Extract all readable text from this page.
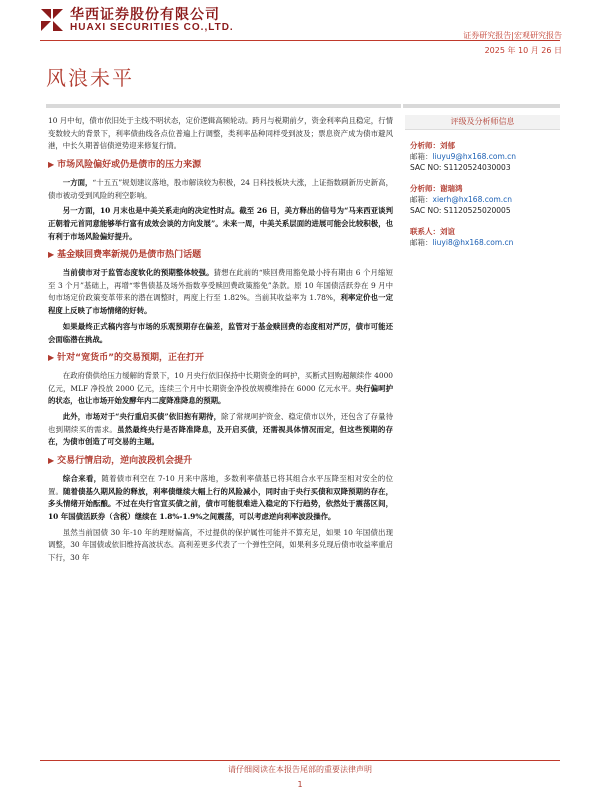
华西证券股份有限公司
HUAXI SECURITIES CO.,LTD.
证券研究报告|宏观研究报告
2025 年 10 月 26 日
风浪未平

10 月中旬，债市依旧处于主线不明状态，定价逻辑高频轮动。跨月与税期前夕，资金利率尚且稳定，行情变数较大的背景下，利率债曲线各点位普遍上行调整，类利率品种同样受到波及；票息资产成为债市避风港，中长久期普信债逆势迎来修复行情。

▶ 市场风险偏好或仍是债市的压力来源

一方面，“十五五”规划建议落地，股市解读较为积极，24 日科技板块大涨，上证指数刷新历史新高，债市被动受到风险的利空影响。

另一方面，10 月末也是中美关系走向的决定性时点。截至 26 日，美方释出的信号为“马来西亚谈判正朝着元首同意能够举行富有成效会谈的方向发展”。未来一周，中美关系层面的进展可能会比较积极，也有利于市场风险偏好提升。

▶ 基金赎回费率新规仍是债市热门话题

当前债市对于监管态度软化的预期整体较强。猜想在此前的“赎回费用豁免最小持有期由 6 个月缩短至 3 个月”基础上，再增“零售债基及场外指数享受赎回费政策豁免”条款。原 10 年国债活跃券在 9 月中旬市场定价政策变革带来的潜在调整时，两度上行至 1.82%。当前其收益率为 1.78%，利率定价也一定程度上反映了市场情绪的好转。

如果最终正式稿内容与市场的乐观预期存在偏差，监管对于基金赎回费的态度相对严厉，债市可能还会面临潜在挑战。

▶ 针对“宽货币”的交易预期，正在打开

在政府债供给压力缓解的背景下，10 月央行依旧保持中长期资金的呵护，买断式回购超额续作 4000 亿元，MLF 净投放 2000 亿元，连续三个月中长期资金净投放规模维持在 6000 亿元水平。央行偏呵护的状态，也让市场开始发酵年内二度降准降息的预期。

此外，市场对于“央行重启买债”依旧抱有期待，除了常规呵护资金、稳定债市以外，还包含了存量待也到期续买的需求。虽然最终央行是否降准降息，及开启买债，还需视具体情况而定，但这些预期的存在，为债市创造了可交易的主题。

▶ 交易行情启动，逆向波段机会提升

综合来看，随着债市利空在 7-10 月来中落地，多数利率债基已将其组合水平压降至相对安全的位置。随着债基久期风险的释放，利率债继续大幅上行的风险减小，同时由于央行买债和双降预期的存在，多头情绪开始酝酿。不过在央行官宣买债之前，债市可能很难进入稳定的下行趋势，依然处于震荡区间，10 年国债活跃券（含税）继续在 1.8%-1.9%之间震荡，可以考虑逆向利率波段操作。

虽然当前国债 30 年-10 年的理财偏高，不过提供的保护属性可能并不算充足，如果 10 年国债出现调整，30 年国债或依旧维持高波状态。高利差更多代表了一个弹性空间，如果利多兑现后债市收益率重启下行，30 年

评级及分析师信息
分析师：刘郁
邮箱：liuyu9@hx168.com.cn
SAC NO: S1120524030003
分析师：谢瑞鸿
邮箱：xierh@hx168.com.cn
SAC NO: S1120525020005
联系人：刘谊
邮箱：liuyi8@hx168.com.cn
请仔细阅读在本报告尾部的重要法律声明
1
